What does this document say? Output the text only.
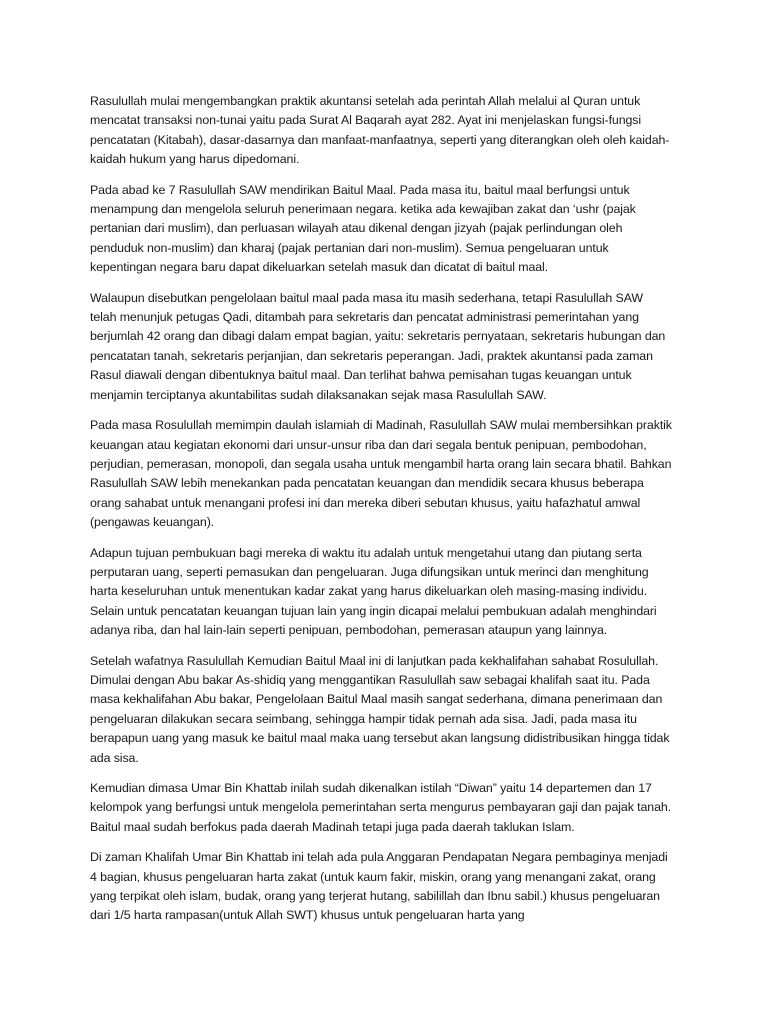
Rasulullah mulai mengembangkan praktik akuntansi setelah ada perintah Allah melalui al Quran untuk mencatat transaksi non-tunai yaitu pada Surat Al Baqarah ayat 282. Ayat ini menjelaskan fungsi-fungsi pencatatan (Kitabah), dasar-dasarnya dan manfaat-manfaatnya, seperti yang diterangkan oleh oleh kaidah-kaidah hukum yang harus dipedomani.

Pada abad ke 7 Rasulullah SAW mendirikan Baitul Maal. Pada masa itu, baitul maal berfungsi untuk menampung dan mengelola seluruh penerimaan negara. ketika ada kewajiban zakat dan ‘ushr (pajak pertanian dari muslim), dan perluasan wilayah atau dikenal dengan jizyah (pajak perlindungan oleh penduduk non-muslim) dan kharaj (pajak pertanian dari non-muslim). Semua pengeluaran untuk kepentingan negara baru dapat dikeluarkan setelah masuk dan dicatat di baitul maal.

Walaupun disebutkan pengelolaan baitul maal pada masa itu masih sederhana, tetapi Rasulullah SAW telah menunjuk petugas Qadi, ditambah para sekretaris dan pencatat administrasi pemerintahan yang berjumlah 42 orang dan dibagi dalam empat bagian, yaitu: sekretaris pernyataan, sekretaris hubungan dan pencatatan tanah, sekretaris perjanjian, dan sekretaris peperangan. Jadi, praktek akuntansi pada zaman Rasul diawali dengan dibentuknya baitul maal. Dan terlihat bahwa pemisahan tugas keuangan untuk menjamin terciptanya akuntabilitas sudah dilaksanakan sejak masa Rasulullah SAW.

Pada masa Rosulullah memimpin daulah islamiah di Madinah, Rasulullah SAW mulai membersihkan praktik keuangan atau kegiatan ekonomi dari unsur-unsur riba dan dari segala bentuk penipuan, pembodohan, perjudian, pemerasan, monopoli, dan segala usaha untuk mengambil harta orang lain secara bhatil. Bahkan Rasulullah SAW lebih menekankan pada pencatatan keuangan dan mendidik secara khusus beberapa orang sahabat untuk menangani profesi ini dan mereka diberi sebutan khusus, yaitu hafazhatul amwal (pengawas keuangan).

Adapun tujuan pembukuan bagi mereka di waktu itu adalah untuk mengetahui utang dan piutang serta perputaran uang, seperti pemasukan dan pengeluaran. Juga difungsikan untuk merinci dan menghitung harta keseluruhan untuk menentukan kadar zakat yang harus dikeluarkan oleh masing-masing individu. Selain untuk pencatatan keuangan tujuan lain yang ingin dicapai melalui pembukuan adalah menghindari adanya riba, dan hal lain-lain seperti penipuan, pembodohan, pemerasan ataupun yang lainnya.

Setelah wafatnya Rasulullah Kemudian Baitul Maal ini di lanjutkan pada kekhalifahan sahabat Rosulullah. Dimulai dengan Abu bakar As-shidiq yang menggantikan Rasulullah saw sebagai khalifah saat itu. Pada masa kekhalifahan Abu bakar, Pengelolaan Baitul Maal masih sangat sederhana, dimana penerimaan dan pengeluaran dilakukan secara seimbang, sehingga hampir tidak pernah ada sisa. Jadi, pada masa itu berapapun uang yang masuk ke baitul maal maka uang tersebut akan langsung didistribusikan hingga tidak ada sisa.

Kemudian dimasa Umar Bin Khattab inilah sudah dikenalkan istilah “Diwan” yaitu 14 departemen dan 17 kelompok yang berfungsi untuk mengelola pemerintahan serta mengurus pembayaran gaji dan pajak tanah. Baitul maal sudah berfokus pada daerah Madinah tetapi juga pada daerah taklukan Islam.

Di zaman Khalifah Umar Bin Khattab ini telah ada pula Anggaran Pendapatan Negara pembaginya menjadi 4 bagian, khusus pengeluaran harta zakat (untuk kaum fakir, miskin, orang yang menangani zakat, orang yang terpikat oleh islam, budak, orang yang terjerat hutang, sabilillah dan Ibnu sabil.) khusus pengeluaran dari 1/5 harta rampasan(untuk Allah SWT) khusus untuk pengeluaran harta yang
